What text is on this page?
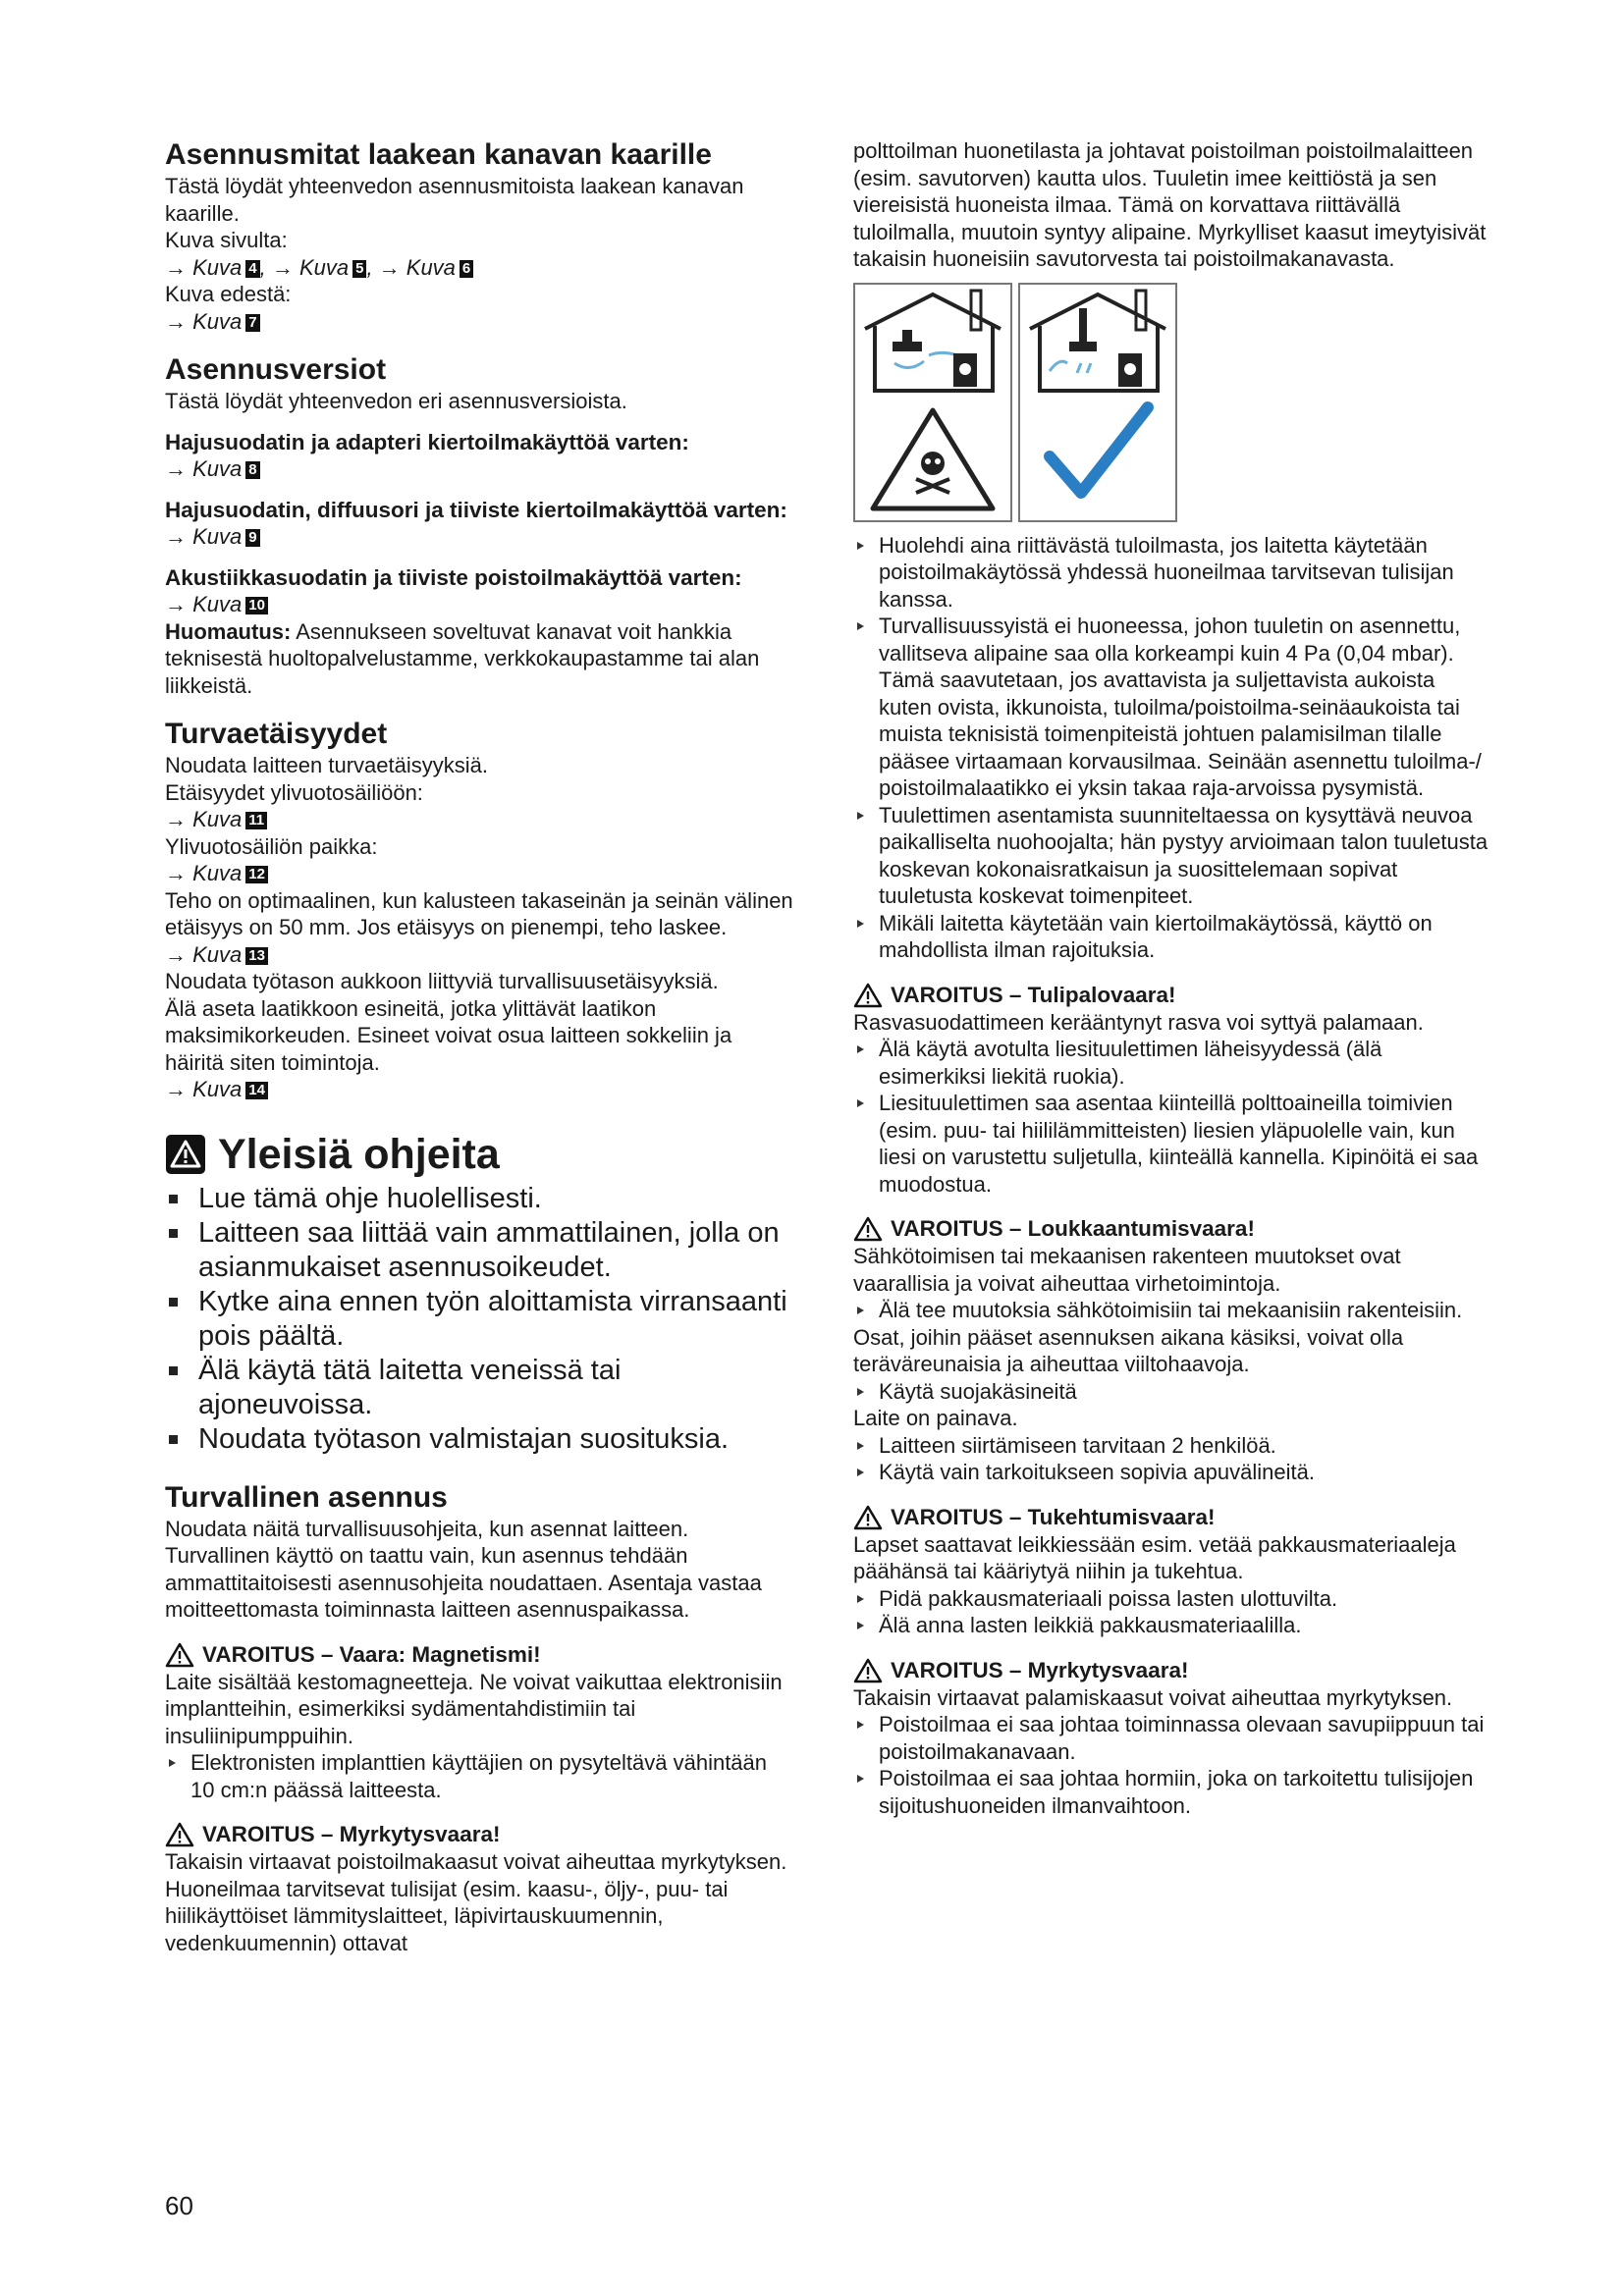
Asennusmitat laakean kanavan kaarille

Tästä löydät yhteenvedon asennusmitoista laakean kanavan kaarille.

Kuva sivulta:

→ Kuva 4 , → Kuva 5 , → Kuva 6

Kuva edestä:

→ Kuva 7

Asennusversiot

Tästä löydät yhteenvedon eri asennusversioista.

Hajusuodatin ja adapteri kiertoilmakäyttöä varten:

→ Kuva 8

Hajusuodatin, diffuusori ja tiiviste kiertoilmakäyttöä varten:

→ Kuva 9

Akustiikkasuodatin ja tiiviste poistoilmakäyttöä varten:

→ Kuva 10

Huomautus: Asennukseen soveltuvat kanavat voit hankkia teknisestä huoltopalvelustamme, verkkokaupastamme tai alan liikkeistä.

Turvaetäisyydet

Noudata laitteen turvaetäisyyksiä.

Etäisyydet ylivuotosäiliöön:

→ Kuva 11

Ylivuotosäiliön paikka:

→ Kuva 12

Teho on optimaalinen, kun kalusteen takaseinän ja seinän välinen etäisyys on 50 mm. Jos etäisyys on pienempi, teho laskee.

→ Kuva 13

Noudata työtason aukkoon liittyviä turvallisuusetäisyyksiä.

Älä aseta laatikkoon esineitä, jotka ylittävät laatikon maksimikorkeuden. Esineet voivat osua laitteen sokkeliin ja häiritä siten toimintoja.

→ Kuva 14

Yleisiä ohjeita
Lue tämä ohje huolellisesti.
Laitteen saa liittää vain ammattilainen, jolla on asianmukaiset asennusoikeudet.
Kytke aina ennen työn aloittamista virransaanti pois päältä.
Älä käytä tätä laitetta veneissä tai ajoneuvoissa.
Noudata työtason valmistajan suosituksia.

Turvallinen asennus

Noudata näitä turvallisuusohjeita, kun asennat laitteen.

Turvallinen käyttö on taattu vain, kun asennus tehdään ammattitaitoisesti asennusohjeita noudattaen. Asentaja vastaa moitteettomasta toiminnasta laitteen asennuspaikassa.

VAROITUS – Vaara: Magnetismi!

Laite sisältää kestomagneetteja. Ne voivat vaikuttaa elektronisiin implantteihin, esimerkiksi sydämentahdistimiin tai insuliinipumppuihin.

Elektronisten implanttien käyttäjien on pysyteltävä vähintään 10 cm:n päässä laitteesta.
VAROITUS – Myrkytysvaara!

Takaisin virtaavat poistoilmakaasut voivat aiheuttaa myrkytyksen. Huoneilmaa tarvitsevat tulisijat (esim. kaasu-, öljy-, puu- tai hiilikäyttöiset lämmityslaitteet, läpivirtauskuumennin, vedenkuumennin) ottavat

60

polttoilman huonetilasta ja johtavat poistoilman poistoilmalaitteen (esim. savutorven) kautta ulos. Tuuletin imee keittiöstä ja sen viereisistä huoneista ilmaa. Tämä on korvattava riittävällä tuloilmalla, muutoin syntyy alipaine. Myrkylliset kaasut imeytyisivät takaisin huoneisiin savutorvesta tai poistoilmakanavasta.

Huolehdi aina riittävästä tuloilmasta, jos laitetta käytetään poistoilmakäytössä yhdessä huoneilmaa tarvitsevan tulisijan kanssa.
Turvallisuussyistä ei huoneessa, johon tuuletin on asennettu, vallitseva alipaine saa olla korkeampi kuin 4 Pa (0,04 mbar). Tämä saavutetaan, jos avattavista ja suljettavista aukoista kuten ovista, ikkunoista, tuloilma/poistoilma-seinäaukoista tai muista teknisistä toimenpiteistä johtuen palamisilman tilalle pääsee virtaamaan korvausilmaa. Seinään asennettu tuloilma-/ poistoilmalaatikko ei yksin takaa raja-arvoissa pysymistä.
Tuulettimen asentamista suunniteltaessa on kysyttävä neuvoa paikalliselta nuohoojalta; hän pystyy arvioimaan talon tuuletusta koskevan kokonaisratkaisun ja suosittelemaan sopivat tuuletusta koskevat toimenpiteet.
Mikäli laitetta käytetään vain kiertoilmakäytössä, käyttö on mahdollista ilman rajoituksia.
VAROITUS – Tulipalovaara!

Rasvasuodattimeen kerääntynyt rasva voi syttyä palamaan.

Älä käytä avotulta liesituulettimen läheisyydessä (älä esimerkiksi liekitä ruokia).
Liesituulettimen saa asentaa kiinteillä polttoaineilla toimivien (esim. puu- tai hiililämmitteisten) liesien yläpuolelle vain, kun liesi on varustettu suljetulla, kiinteällä kannella. Kipinöitä ei saa muodostua.
VAROITUS – Loukkaantumisvaara!

Sähkötoimisen tai mekaanisen rakenteen muutokset ovat vaarallisia ja voivat aiheuttaa virhetoimintoja.

Älä tee muutoksia sähkötoimisiin tai mekaanisiin rakenteisiin.

Osat, joihin pääset asennuksen aikana käsiksi, voivat olla teräväreunaisia ja aiheuttaa viiltohaavoja.

Käytä suojakäsineitä

Laite on painava.

Laitteen siirtämiseen tarvitaan 2 henkilöä.
Käytä vain tarkoitukseen sopivia apuvälineitä.
VAROITUS – Tukehtumisvaara!

Lapset saattavat leikkiessään esim. vetää pakkausmateriaaleja päähänsä tai kääriytyä niihin ja tukehtua.

Pidä pakkausmateriaali poissa lasten ulottuvilta.
Älä anna lasten leikkiä pakkausmateriaalilla.
VAROITUS – Myrkytysvaara!

Takaisin virtaavat palamiskaasut voivat aiheuttaa myrkytyksen.

Poistoilmaa ei saa johtaa toiminnassa olevaan savupiippuun tai poistoilmakanavaan.
Poistoilmaa ei saa johtaa hormiin, joka on tarkoitettu tulisijojen sijoitushuoneiden ilmanvaihtoon.
